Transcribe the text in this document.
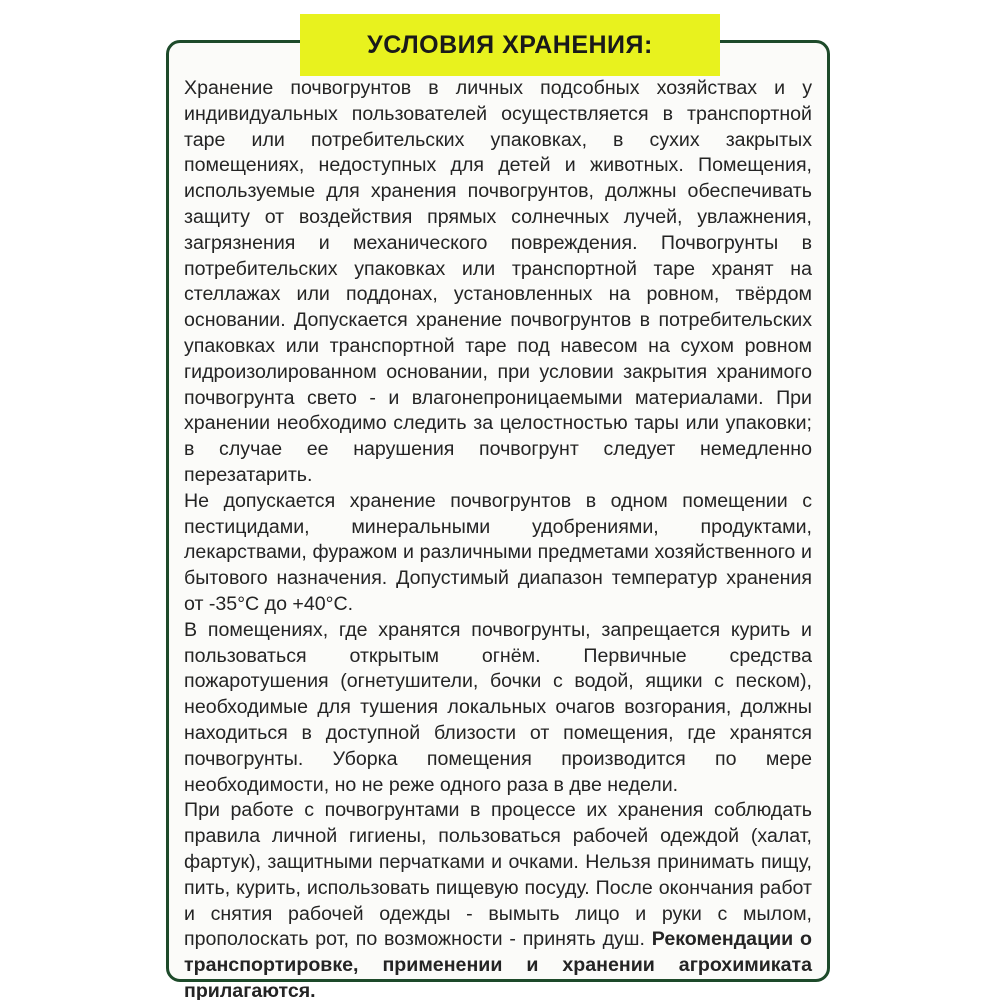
УСЛОВИЯ ХРАНЕНИЯ:

Хранение почвогрунтов в личных подсобных хозяйствах и у индивидуальных пользователей осуществляется в транспортной таре или потребительских упаковках, в сухих закрытых помещениях, недоступных для детей и животных. Помещения, используемые для хранения почвогрунтов, должны обеспечивать защиту от воздействия прямых солнечных лучей, увлажнения, загрязнения и механического повреждения. Почвогрунты в потребительских упаковках или транспортной таре хранят на стеллажах или поддонах, установленных на ровном, твёрдом основании. Допускается хранение почвогрунтов в потребительских упаковках или транспортной таре под навесом на сухом ровном гидроизолированном основании, при условии закрытия хранимого почвогрунта свето - и влагонепроницаемыми материалами. При хранении необходимо следить за целостностью тары или упаковки; в случае ее нарушения почвогрунт следует немедленно перезатарить.

Не допускается хранение почвогрунтов в одном помещении с пестицидами, минеральными удобрениями, продуктами, лекарствами, фуражом и различными предметами хозяйственного и бытового назначения. Допустимый диапазон температур хранения от -35°С до +40°С.

В помещениях, где хранятся почвогрунты, запрещается курить и пользоваться открытым огнём. Первичные средства пожаротушения (огнетушители, бочки с водой, ящики с песком), необходимые для тушения локальных очагов возгорания, должны находиться в доступной близости от помещения, где хранятся почвогрунты. Уборка помещения производится по мере необходимости, но не реже одного раза в две недели.

При работе с почвогрунтами в процессе их хранения соблюдать правила личной гигиены, пользоваться рабочей одеждой (халат, фартук), защитными перчатками и очками. Нельзя принимать пищу, пить, курить, использовать пищевую посуду. После окончания работ и снятия рабочей одежды - вымыть лицо и руки с мылом, прополоскать рот, по возможности - принять душ. Рекомендации о транспортировке, применении и хранении агрохимиката прилагаются.
